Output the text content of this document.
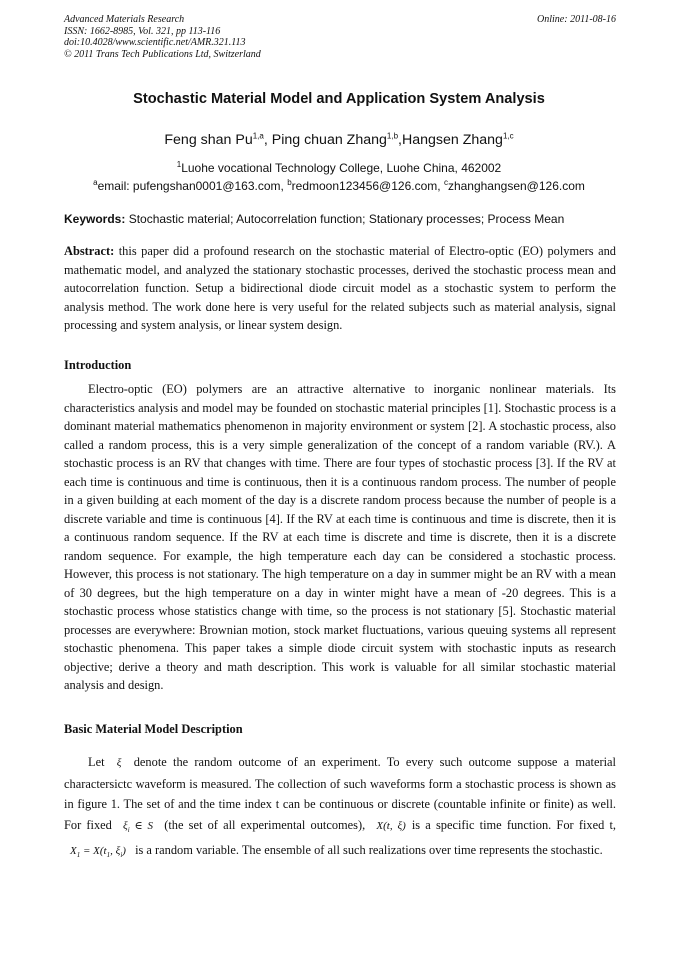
Advanced Materials Research
ISSN: 1662-8985, Vol. 321, pp 113-116
doi:10.4028/www.scientific.net/AMR.321.113
© 2011 Trans Tech Publications Ltd, Switzerland
Online: 2011-08-16
Stochastic Material Model and Application System Analysis
Feng shan Pu$^{1,a}$, Ping chuan Zhang$^{1,b}$,Hangsen Zhang$^{1,c}$
$^1$Luohe vocational Technology College, Luohe China, 462002
$^a$email: pufengshan0001@163.com, $^b$redmoon123456@126.com, $^c$zhanghangsen@126.com
Keywords: Stochastic material; Autocorrelation function; Stationary processes; Process Mean
Abstract: this paper did a profound research on the stochastic material of Electro-optic (EO) polymers and mathematic model, and analyzed the stationary stochastic processes, derived the stochastic process mean and autocorrelation function. Setup a bidirectional diode circuit model as a stochastic system to perform the analysis method. The work done here is very useful for the related subjects such as material analysis, signal processing and system analysis, or linear system design.
Introduction
Electro-optic (EO) polymers are an attractive alternative to inorganic nonlinear materials. Its characteristics analysis and model may be founded on stochastic material principles [1]. Stochastic process is a dominant material mathematics phenomenon in majority environment or system [2]. A stochastic process, also called a random process, this is a very simple generalization of the concept of a random variable (RV.). A stochastic process is an RV that changes with time. There are four types of stochastic process [3]. If the RV at each time is continuous and time is continuous, then it is a continuous random process. The number of people in a given building at each moment of the day is a discrete random process because the number of people is a discrete variable and time is continuous [4]. If the RV at each time is continuous and time is discrete, then it is a continuous random sequence. If the RV at each time is discrete and time is discrete, then it is a discrete random sequence. For example, the high temperature each day can be considered a stochastic process. However, this process is not stationary. The high temperature on a day in summer might be an RV with a mean of 30 degrees, but the high temperature on a day in winter might have a mean of -20 degrees. This is a stochastic process whose statistics change with time, so the process is not stationary [5]. Stochastic material processes are everywhere: Brownian motion, stock market fluctuations, various queuing systems all represent stochastic phenomena. This paper takes a simple diode circuit system with stochastic inputs as research objective; derive a theory and math description. This work is valuable for all similar stochastic material analysis and design.
Basic Material Model Description
Let ξ denote the random outcome of an experiment. To every such outcome suppose a material charactersictc waveform is measured. The collection of such waveforms form a stochastic process is shown as in figure 1. The set of and the time index t can be continuous or discrete (countable infinite or finite) as well. For fixed $\xi_i$ ∈ S (the set of all experimental outcomes), X(t, ξ) is a specific time function. For fixed t, $X_1 = X(t_1$, $\xi_i$) is a random variable. The ensemble of all such realizations over time represents the stochastic.
